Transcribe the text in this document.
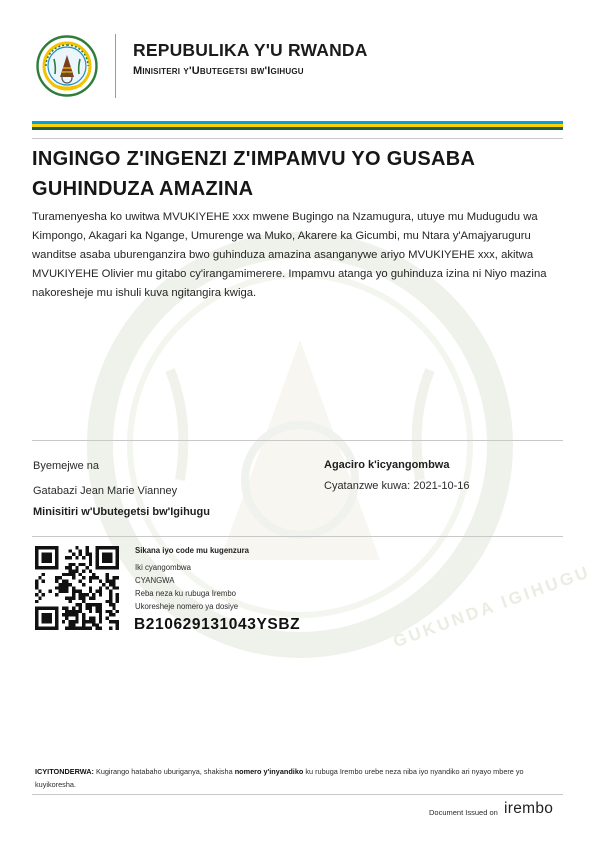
GUKUNDA IGIHUGU
REPUBULIKA Y'U RWANDA
Minisiteri y'Ubutegetsi bw'Igihugu
INGINGO Z'INGENZI Z'IMPAMVU YO GUSABA
GUHINDUZA AMAZINA
Turamenyesha ko uwitwa MVUKIYEHE xxx mwene Bugingo na Nzamugura, utuye mu Mudugudu wa Kimpongo, Akagari ka Ngange, Umurenge wa Muko, Akarere ka Gicumbi, mu Ntara y'Amajyaruguru wanditse asaba uburenganzira bwo guhinduza amazina asanganywe ariyo MVUKIYEHE xxx, akitwa MVUKIYEHE Olivier mu gitabo cy'irangamimerere. Impamvu atanga yo guhinduza izina ni Niyo mazina nakoresheje mu ishuli kuva ngitangira kwiga.
Byemejwe na
Gatabazi Jean Marie Vianney
Minisitiri w'Ubutegetsi bw'Igihugu
Agaciro k'icyangombwa
Cyatanzwe kuwa: 2021-10-16
Sikana iyo code mu kugenzura
Iki cyangombwa
CYANGWA
Reba neza ku rubuga Irembo
Ukoresheje nomero ya dosiye
B210629131043YSBZ
ICYITONDERWA: Kugirango hatabaho uburiganya, shakisha nomero y'inyandiko ku rubuga Irembo urebe neza niba iyo nyandiko ari nyayo mbere yo kuyikoresha.
Document Issued on irembo
